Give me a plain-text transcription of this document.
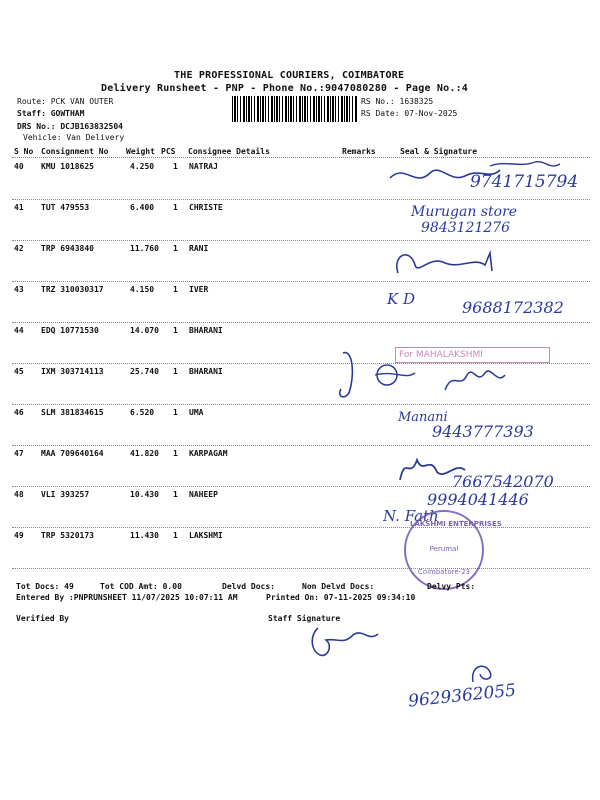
THE PROFESSIONAL COURIERS, COIMBATORE
Delivery Runsheet - PNP - Phone No.:9047080280 - Page No.:4
Route: PCK VAN OUTER
Staff: GOWTHAM
DRS No.: DCJB163832504
Vehicle: Van Delivery
RS No.: 1638325
RS Date: 07-Nov-2025
S No Consignment No Weight PCS Consignee Details	Remarks	Seal & Signature
40 KMU 1018625	4.250 1 NATRAJ
41 TUT 479553	6.400 1 CHRISTE
42 TRP 6943840	11.760 1 RANI
43 TRZ 310030317	4.150 1 IVER
44 EDQ 10771530	14.070 1 BHARANI
45 IXM 303714113	25.740 1 BHARANI
46 SLM 381834615	6.520 1 UMA
47 MAA 709640164	41.820 1 KARPAGAM
48 VLI 393257	10.430 1 NAHEEP
49 TRP 5320173	11.430 1 LAKSHMI
9741715794
Murugan store
9843121276
K D	9688172382
For MAHALAKSHMI
Manani
9443777393
7667542070
9994041446
N. Fath
LAKSHMI ENTERPRISES
Perumal
Coimbatore-23
Tot Docs: 49	Tot COD Amt: 0.00	Delvd Docs:	Non Delvd Docs:	Delvy Pts:
Entered By :PNPRUNSHEET 11/07/2025 10:07:11 AM	Printed On: 07-11-2025 09:34:10
Verified By	Staff Signature
9629362055
